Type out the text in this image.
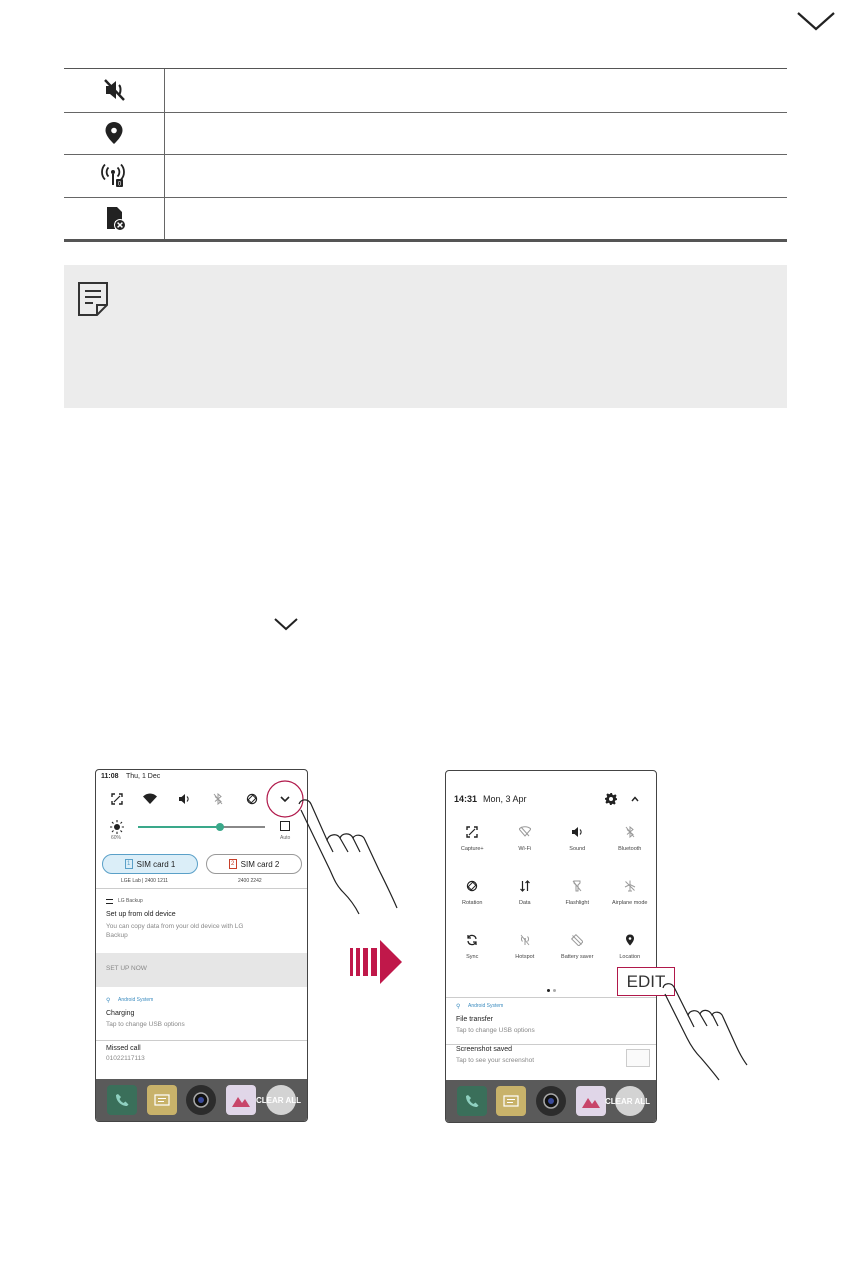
0
11:08 Thu, 1 Dec
60%	Auto
1 SIM card 1	2 SIM card 2
LGE Lab | 2400 1211	2400 2242
LG Backup
Set up from old device
You can copy data from your old device with LG
Backup
SET UP NOW
⚲ Android System
Charging
Tap to change USB options
Missed call
01022117113
CLEAR ALL
14:31 Mon, 3 Apr
Capture+	Wi-Fi	Sound	Bluetooth
Rotation	Data	Flashlight	Airplane mode
Sync	Hotspot	Battery saver	Location
⚲ Android System
File transfer
Tap to change USB options
Screenshot saved
Tap to see your screenshot
CLEAR ALL
EDIT
